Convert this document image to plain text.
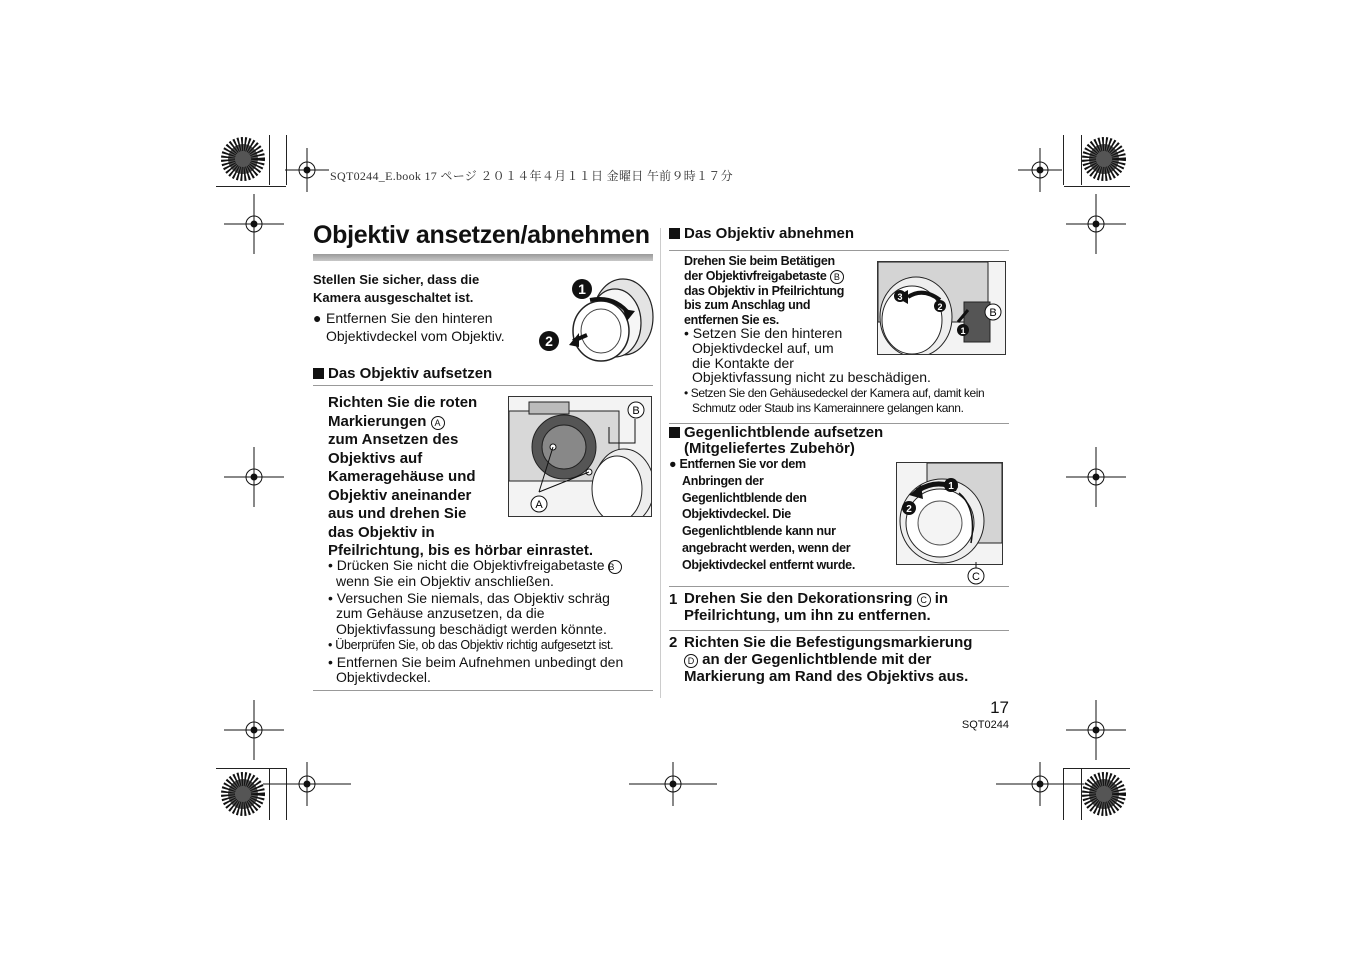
SQT0244_E.book 17 ページ ２０１４年４月１１日 金曜日 午前９時１７分
Objektiv ansetzen/abnehmen
Stellen Sie sicher, dass die Kamera ausgeschaltet ist.
● Entfernen Sie den hinteren Objektivdeckel vom Objektiv.
1
2
Das Objektiv aufsetzen
Richten Sie die roten
Markierungen A
zum Ansetzen des
Objektivs auf
Kameragehäuse und
Objektiv aneinander
aus und drehen Sie
das Objektiv in
Pfeilrichtung, bis es hörbar einrastet.
A
B
• Drücken Sie nicht die Objektivfreigabetaste B
wenn Sie ein Objektiv anschließen.
• Versuchen Sie niemals, das Objektiv schräg zum Gehäuse anzusetzen, da die Objektivfassung beschädigt werden könnte.
• Überprüfen Sie, ob das Objektiv richtig aufgesetzt ist.
• Entfernen Sie beim Aufnehmen unbedingt den Objektivdeckel.
Das Objektiv abnehmen
Drehen Sie beim Betätigen
der Objektivfreigabetaste B
das Objektiv in Pfeilrichtung
bis zum Anschlag und
entfernen Sie es.
3
2
1
B
• Setzen Sie den hinteren
Objektivdeckel auf, um
die Kontakte der
Objektivfassung nicht zu beschädigen.
• Setzen Sie den Gehäusedeckel der Kamera auf, damit kein
Schmutz oder Staub ins Kamerainnere gelangen kann.
Gegenlichtblende aufsetzen
(Mitgeliefertes Zubehör)
● Entfernen Sie vor dem
Anbringen der
Gegenlichtblende den
Objektivdeckel. Die
Gegenlichtblende kann nur
angebracht werden, wenn der
Objektivdeckel entfernt wurde.
1
2
C
1 Drehen Sie den Dekorationsring C in
Pfeilrichtung, um ihn zu entfernen.
2 Richten Sie die Befestigungsmarkierung
D an der Gegenlichtblende mit der
Markierung am Rand des Objektivs aus.
17
SQT0244
